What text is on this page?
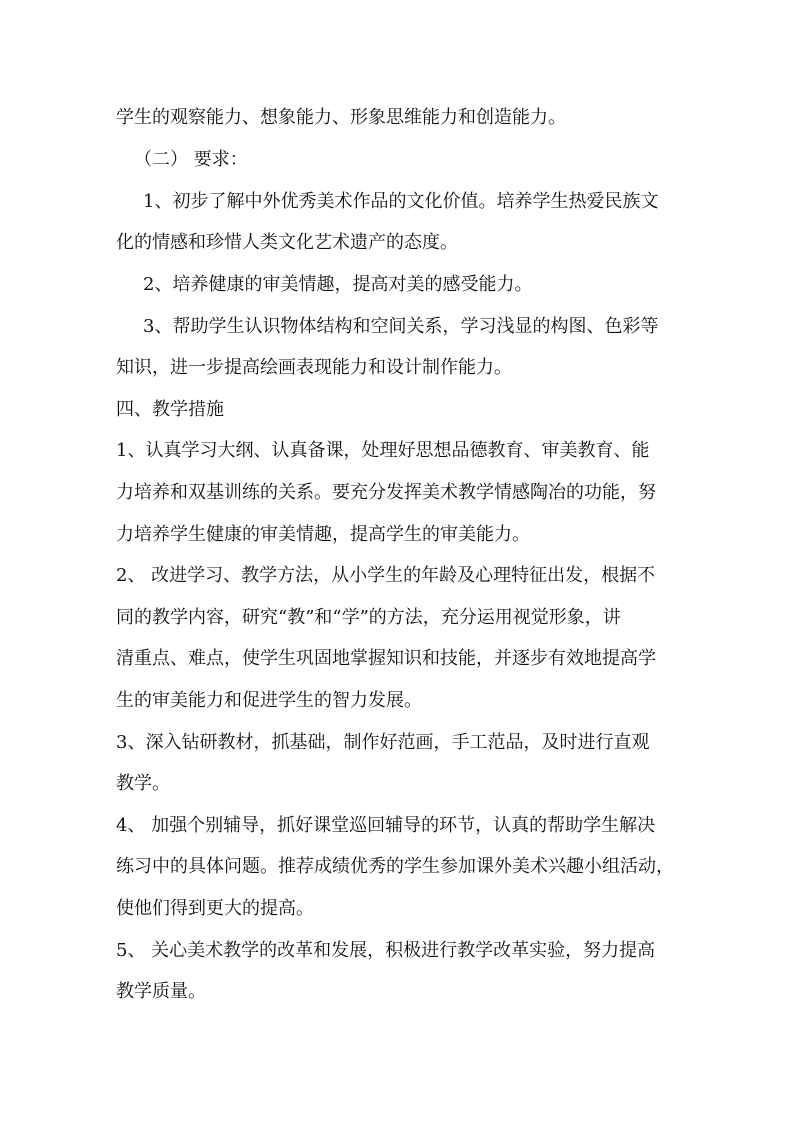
学生的观察能力、想象能力、形象思维能力和创造能力。
（二） 要求：
1、初步了解中外优秀美术作品的文化价值。培养学生热爱民族文
化的情感和珍惜人类文化艺术遗产的态度。
2、培养健康的审美情趣，提高对美的感受能力。
3、帮助学生认识物体结构和空间关系，学习浅显的构图、色彩等
知识，进一步提高绘画表现能力和设计制作能力。
四、教学措施
1、认真学习大纲、认真备课，处理好思想品德教育、审美教育、能
力培养和双基训练的关系。要充分发挥美术教学情感陶冶的功能，努
力培养学生健康的审美情趣，提高学生的审美能力。
2、 改进学习、教学方法，从小学生的年龄及心理特征出发，根据不
同的教学内容，研究“教”和“学”的方法，充分运用视觉形象，讲
清重点、难点，使学生巩固地掌握知识和技能，并逐步有效地提高学
生的审美能力和促进学生的智力发展。
3、深入钻研教材，抓基础，制作好范画，手工范品，及时进行直观
教学。
4、 加强个别辅导，抓好课堂巡回辅导的环节，认真的帮助学生解决
练习中的具体问题。推荐成绩优秀的学生参加课外美术兴趣小组活动，
使他们得到更大的提高。
5、 关心美术教学的改革和发展，积极进行教学改革实验，努力提高
教学质量。
